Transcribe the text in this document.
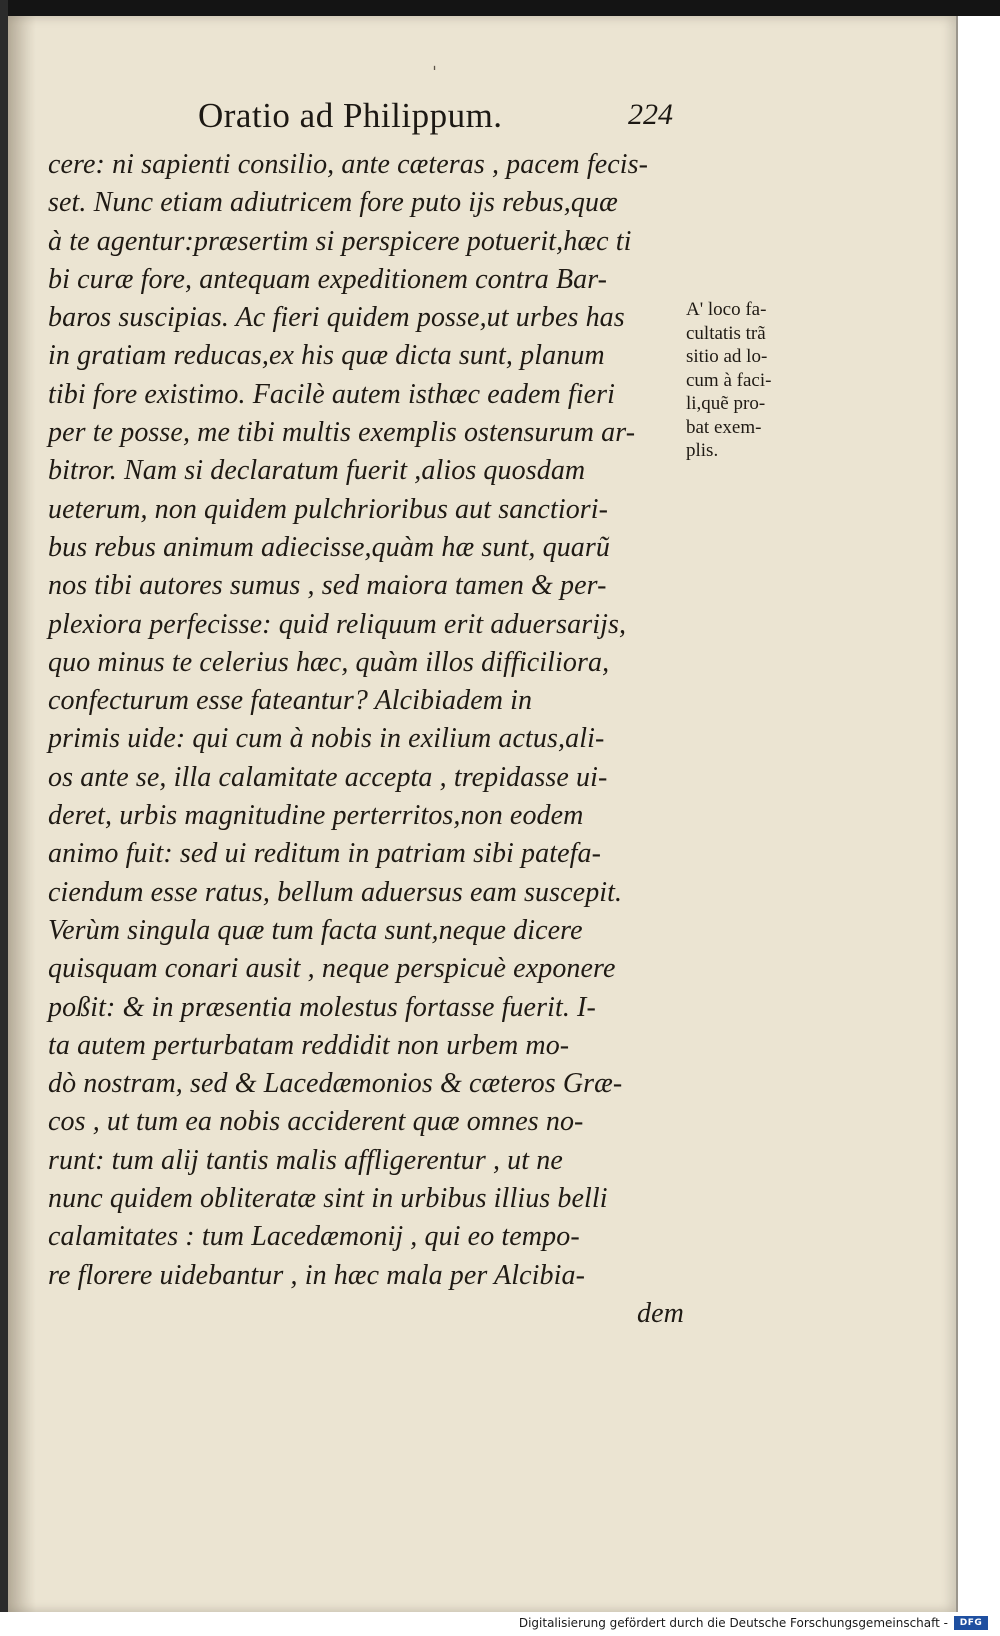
ˌ
Oratio ad Philippum.	224
cere: ni sapienti consilio, ante cæteras , pacem fecis-
set. Nunc etiam adiutricem fore puto ijs rebus,quæ
à te agentur:præsertim si perspicere potuerit,hæc ti
bi curæ fore, antequam expeditionem contra Bar-
baros suscipias. Ac fieri quidem posse,ut urbes has
in gratiam reducas,ex his quæ dicta sunt, planum
tibi fore existimo. Facilè autem isthæc eadem fieri
per te posse, me tibi multis exemplis ostensurum ar-
bitror. Nam si declaratum fuerit ,alios quosdam
ueterum, non quidem pulchrioribus aut sanctiori-
bus rebus animum adiecisse,quàm hæ sunt, quarũ
nos tibi autores sumus , sed maiora tamen & per-
plexiora perfecisse: quid reliquum erit aduersarijs,
quo minus te celerius hæc, quàm illos difficiliora,
confecturum esse fateantur? Alcibiadem in
primis uide: qui cum à nobis in exilium actus,ali-
os ante se, illa calamitate accepta , trepidasse ui-
deret, urbis magnitudine perterritos,non eodem
animo fuit: sed ui reditum in patriam sibi patefa-
ciendum esse ratus, bellum aduersus eam suscepit.
Verùm singula quæ tum facta sunt,neque dicere
quisquam conari ausit , neque perspicuè exponere
poßit: & in præsentia molestus fortasse fuerit. I-
ta autem perturbatam reddidit non urbem mo-
dò nostram, sed & Lacedæmonios & cæteros Græ-
cos , ut tum ea nobis acciderent quæ omnes no-
runt: tum alij tantis malis affligerentur , ut ne
nunc quidem obliteratæ sint in urbibus illius belli
calamitates : tum Lacedæmonij , qui eo tempo-
re florere uidebantur , in hæc mala per Alcibia-
dem
A' loco fa-
cultatis trã
sitio ad lo-
cum à faci-
li,quẽ pro-
bat exem-
plis.
Digitalisierung gefördert durch die Deutsche Forschungsgemeinschaft -	DFG
